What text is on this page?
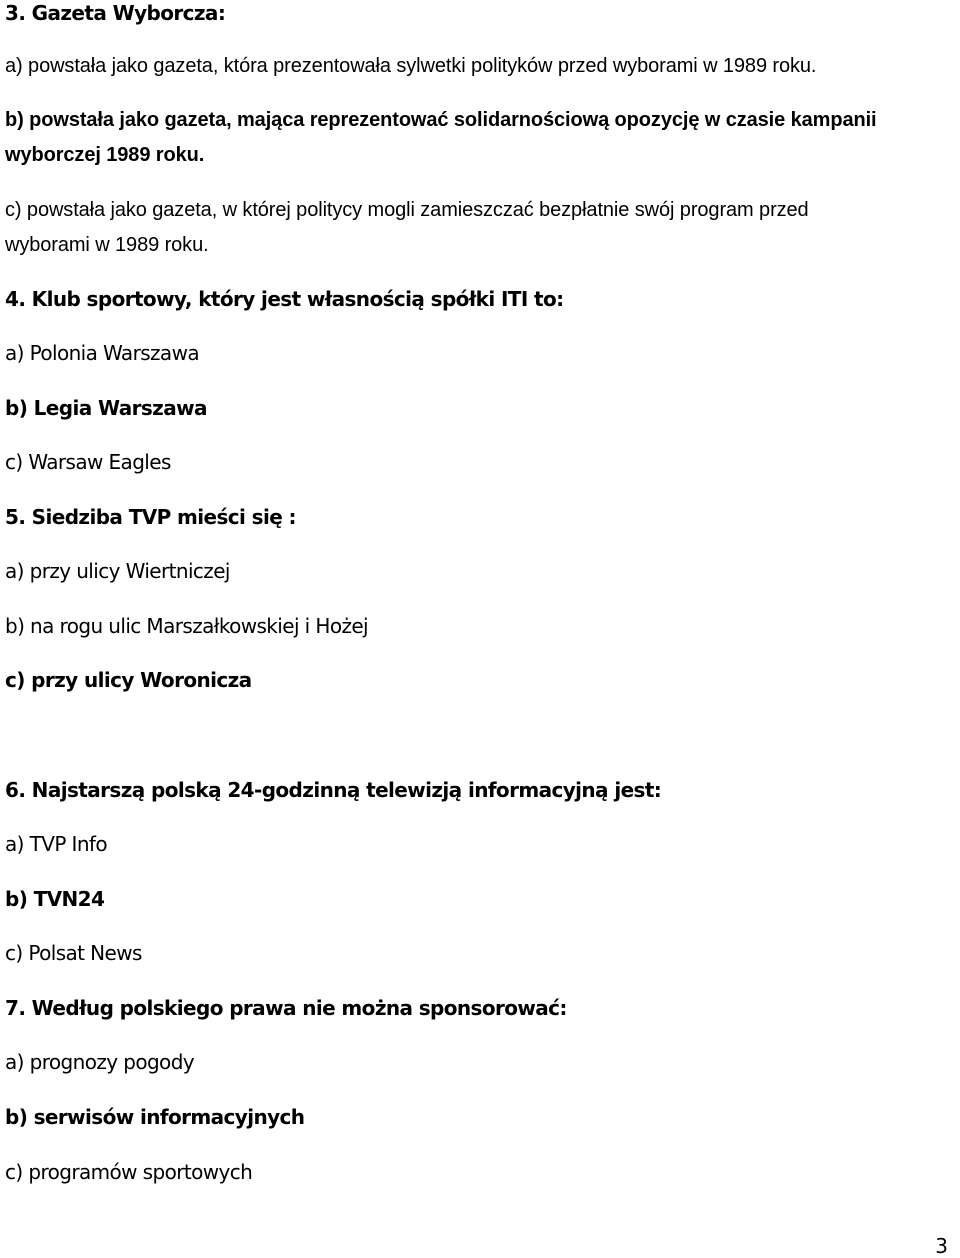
3. Gazeta Wyborcza:
a) powstała jako gazeta, która prezentowała sylwetki polityków przed wyborami w 1989 roku.
b) powstała jako gazeta, mająca reprezentować solidarnościową opozycję w czasie kampanii
wyborczej 1989 roku.
c) powstała jako gazeta, w której politycy mogli zamieszczać bezpłatnie swój program przed
wyborami w 1989 roku.
4. Klub sportowy, który jest własnością spółki ITI to:
a) Polonia Warszawa
b) Legia Warszawa
c) Warsaw Eagles
5. Siedziba TVP mieści się :
a) przy ulicy Wiertniczej
b) na rogu ulic Marszałkowskiej i Hożej
c) przy ulicy Woronicza
6. Najstarszą polską 24-godzinną telewizją informacyjną jest:
a) TVP Info
b) TVN24
c) Polsat News
7. Według polskiego prawa nie można sponsorować:
a) prognozy pogody
b) serwisów informacyjnych
c) programów sportowych
3
